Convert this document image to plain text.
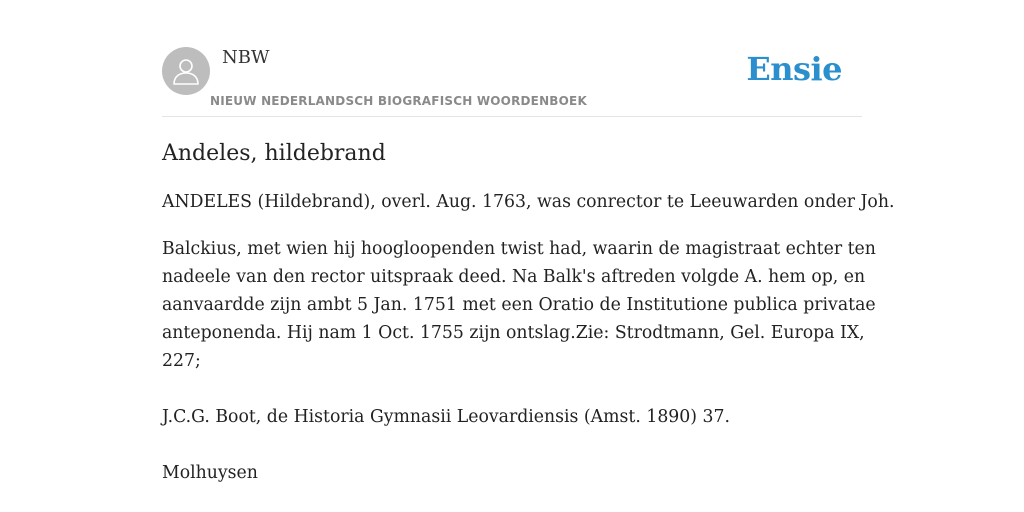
NBW
NIEUW NEDERLANDSCH BIOGRAFISCH WOORDENBOEK
Ensie
Andeles, hildebrand

ANDELES (Hildebrand), overl. Aug. 1763, was conrector te Leeuwarden onder Joh.

Balckius, met wien hij hoogloopenden twist had, waarin de magistraat echter ten
nadeele van den rector uitspraak deed. Na Balk's aftreden volgde A. hem op, en
aanvaardde zijn ambt 5 Jan. 1751 met een Oratio de Institutione publica privatae
anteponenda. Hij nam 1 Oct. 1755 zijn ontslag.Zie: Strodtmann, Gel. Europa IX,
227;
J.C.G. Boot, de Historia Gymnasii Leovardiensis (Amst. 1890) 37.
Molhuysen
